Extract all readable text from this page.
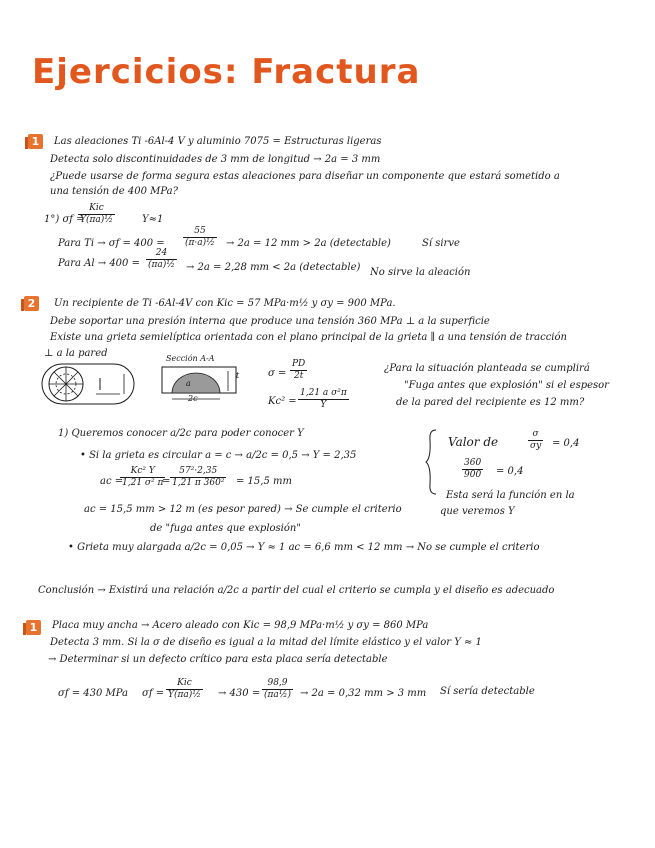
Ejercicios: Fractura
1	Las aleaciones Ti -6Al-4 V y aluminio 7075 = Estructuras ligeras
Detecta solo discontinuidades de 3 mm de longitud → 2a = 3 mm
¿Puede usarse de forma segura estas aleaciones para diseñar un componente que estará sometido a
una tensión de 400 MPa?
1°) σf =
Kic
Y(πa)½	Y≈1
Para $Ti \to \sigma f = 400 = \frac{55}{\text{(π·a)½}} \to 2a = 12$ mm > 2a (detectable)	Sí sirve
Para $Al \to 400 = \frac{24}{\text{(πa)½}} \to 2a = 2,28$ mm < 2a (detectable) No sirve la aleación
2	Un recipiente de Ti -6Al-4V con Kic = 57 MPa·m½ y σy = 900 MPa.
Debe soportar una presión interna que produce una tensión 360 MPa ⊥ a la superficie
Existe una grieta semielíptica orientada con el plano principal de la grieta ∥ a una tensión de tracción
⊥ a la pared	Sección A-A
t
a
2c
$\sigma = \frac{PD}{2t}$
$Kc^2 = \frac{\text{1,21 a σ²π}}{Y}$
¿Para la situación planteada se cumplirá
"Fuga antes que explosión" si el espesor
de la pared del recipiente es 12 mm?
1) Queremos conocer a/2c para poder conocer Y
• Si la grieta es circular a = c → a/2c = 0,5 → Y = 2,35
ac =
$\frac{\text{Kc² Y}}{\text{1,21 σ² π}}$
= $\frac{\text{57²·2,35}}{\text{1,21 π 360²}} = 15,5$ mm
ac = 15,5 mm > 12 m (es pesor pared) → Se cumple el criterio
de "fuga antes que explosión"
• Grieta muy alargada a/2c = 0,05 → Y ≈ 1 ac = 6,6 mm < 12 mm → No se cumple el criterio
Valor de	$\frac{\sigma}{\sigma y} = 0,4$
$\frac{360}{900} = 0,4$
Esta será la función en la
que veremos Y
Conclusión → Existirá una relación a/2c a partir del cual el criterio se cumpla y el diseño es adecuado
1	Placa muy ancha → Acero aleado con Kic = 98,9 MPa·m½ y σy = 860 MPa
Detecta 3 mm. Si la σ de diseño es igual a la mitad del límite elástico y el valor Y ≈ 1
→ Determinar si un defecto crítico para esta placa sería detectable
σf = 430 MPa σf =
Kic
Y(πa)½ → $430 = \frac{98,9}{\text{(πa½)}} \to 2a = 0,32$ mm > 3 mm Sí sería detectable
